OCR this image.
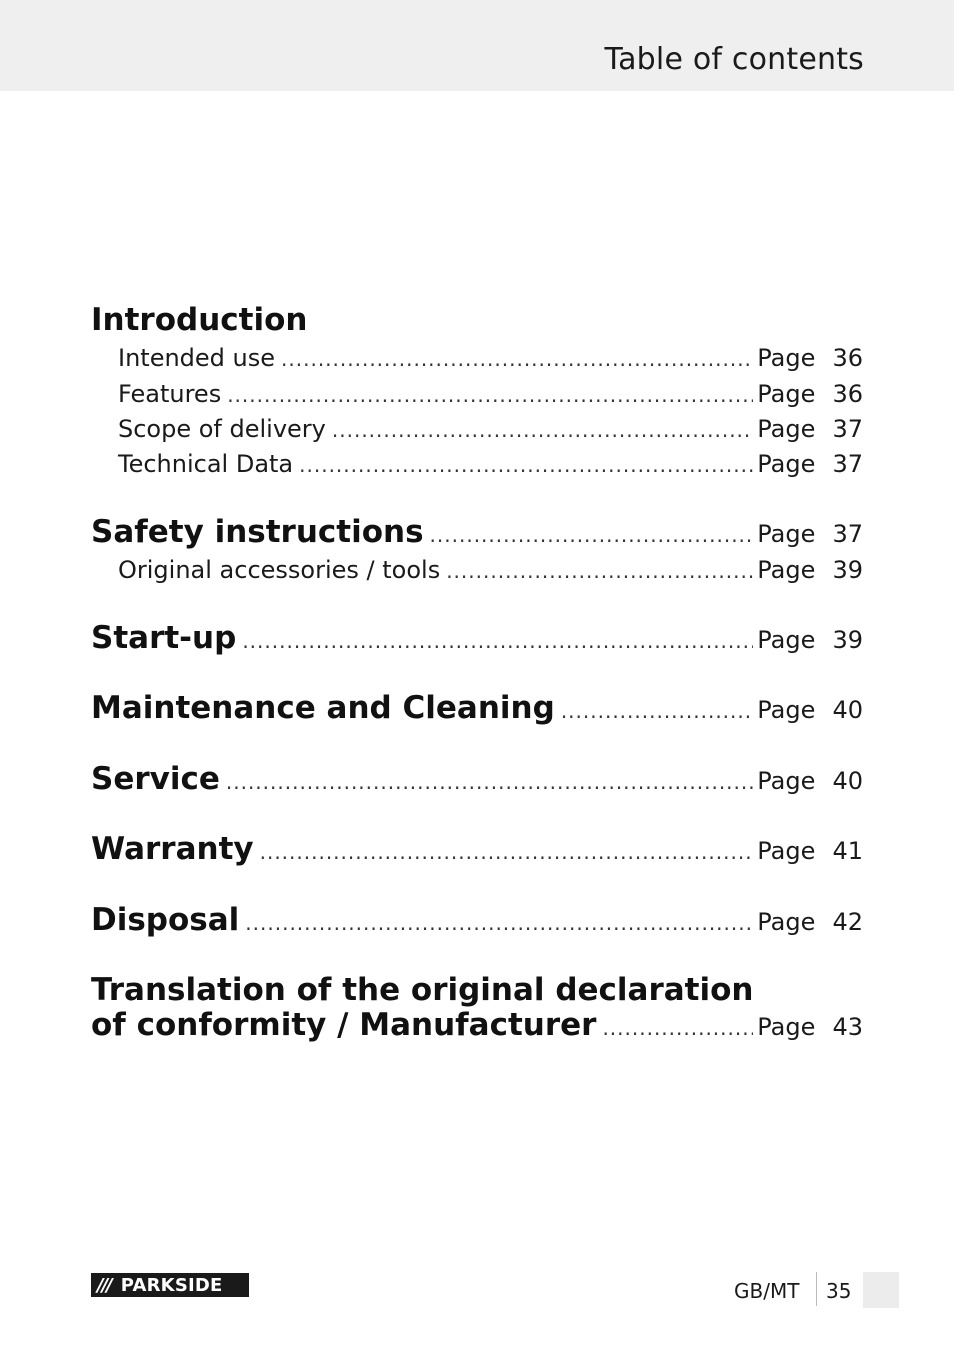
Table of contents
Introduction
Intended use .....	Page 36
Features .....	Page 36
Scope of delivery .....	Page 37
Technical Data .....	Page 37
Safety instructions .....	Page 37
Original accessories / tools .....	Page 39
Start-up .....	Page 39
Maintenance and Cleaning .....	Page 40
Service .....	Page 40
Warranty .....	Page 41
Disposal .....	Page 42
Translation of the original declaration
of conformity / Manufacturer .....	Page 43
/// PARKSIDE	GB/MT 35
